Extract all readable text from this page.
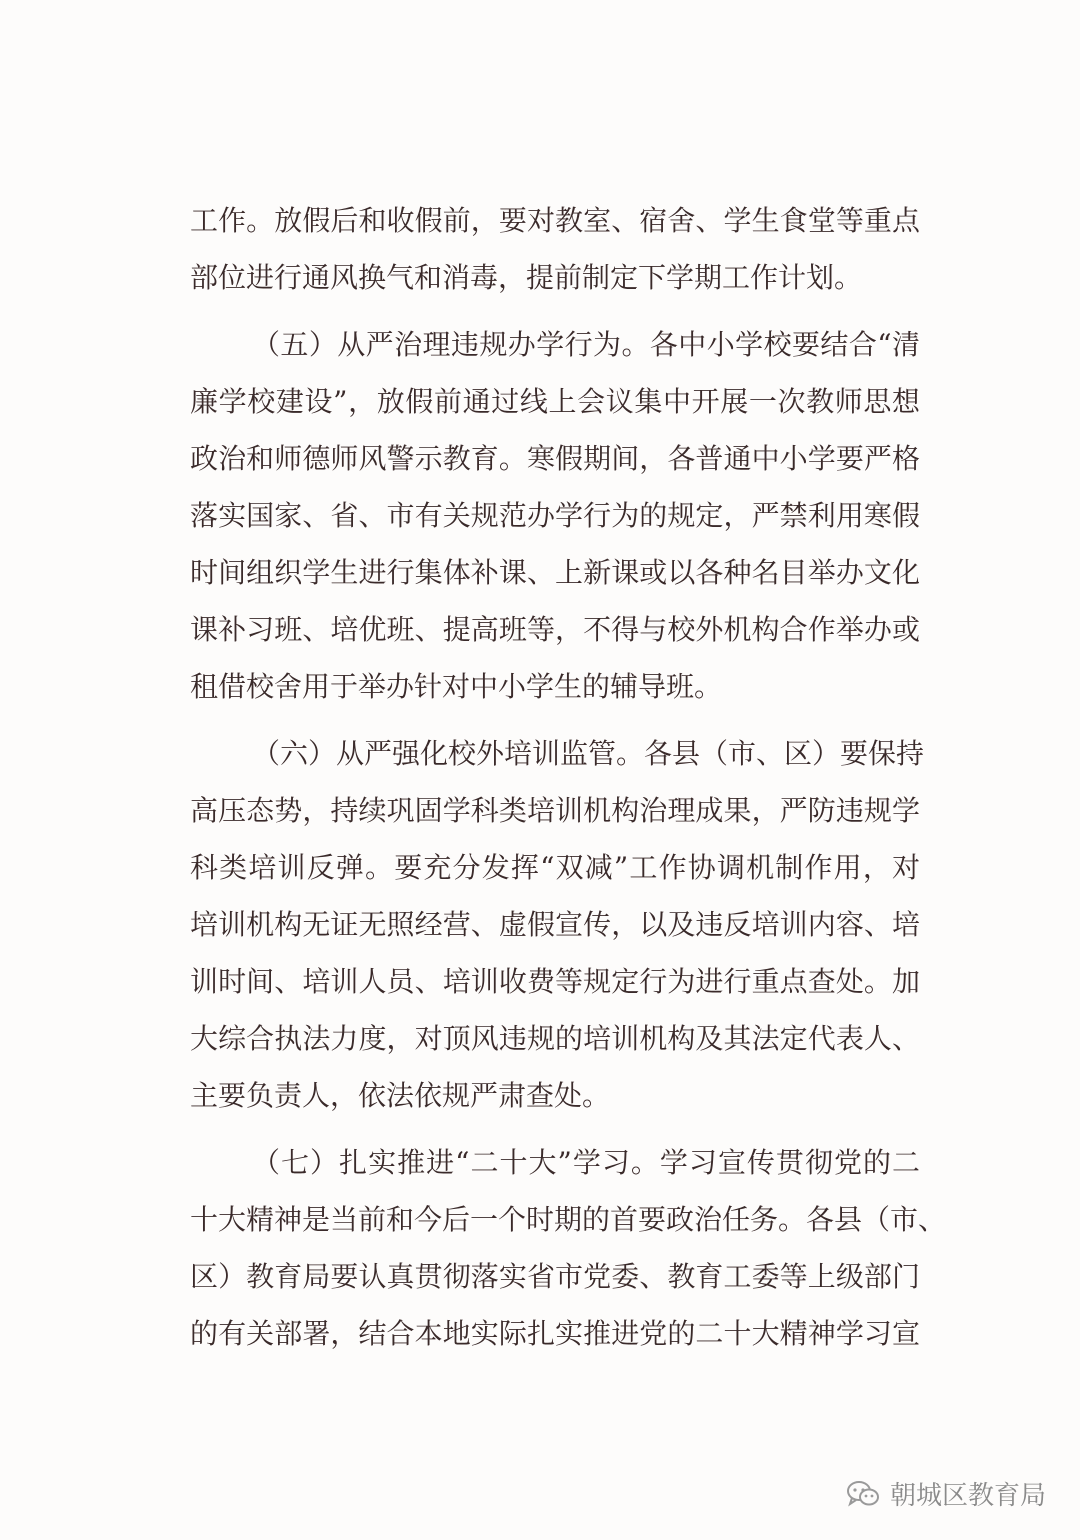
工作。放假后和收假前，要对教室、宿舍、学生食堂等重点
部位进行通风换气和消毒，提前制定下学期工作计划。
（五）从严治理违规办学行为。各中小学校要结合“清
廉学校建设”，放假前通过线上会议集中开展一次教师思想
政治和师德师风警示教育。寒假期间，各普通中小学要严格
落实国家、省、市有关规范办学行为的规定，严禁利用寒假
时间组织学生进行集体补课、上新课或以各种名目举办文化
课补习班、培优班、提高班等，不得与校外机构合作举办或
租借校舍用于举办针对中小学生的辅导班。
（六）从严强化校外培训监管。各县（市、区）要保持
高压态势，持续巩固学科类培训机构治理成果，严防违规学
科类培训反弹。要充分发挥“双减”工作协调机制作用，对
培训机构无证无照经营、虚假宣传，以及违反培训内容、培
训时间、培训人员、培训收费等规定行为进行重点查处。加
大综合执法力度，对顶风违规的培训机构及其法定代表人、
主要负责人，依法依规严肃查处。
（七）扎实推进“二十大”学习。学习宣传贯彻党的二
十大精神是当前和今后一个时期的首要政治任务。各县（市、
区）教育局要认真贯彻落实省市党委、教育工委等上级部门
的有关部署，结合本地实际扎实推进党的二十大精神学习宣
朝城区教育局
